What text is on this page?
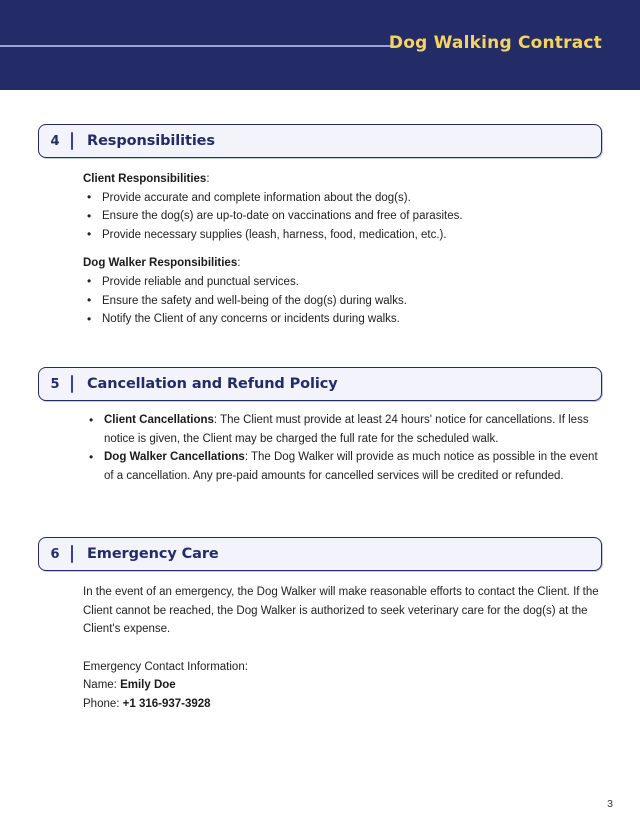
Dog Walking Contract
4	Responsibilities
Client Responsibilities:
• Provide accurate and complete information about the dog(s).
• Ensure the dog(s) are up-to-date on vaccinations and free of parasites.
• Provide necessary supplies (leash, harness, food, medication, etc.).
Dog Walker Responsibilities:
• Provide reliable and punctual services.
• Ensure the safety and well-being of the dog(s) during walks.
• Notify the Client of any concerns or incidents during walks.
5	Cancellation and Refund Policy
• Client Cancellations: The Client must provide at least 24 hours' notice for cancellations. If less notice is given, the Client may be charged the full rate for the scheduled walk.
• Dog Walker Cancellations: The Dog Walker will provide as much notice as possible in the event of a cancellation. Any pre-paid amounts for cancelled services will be credited or refunded.
6	Emergency Care

In the event of an emergency, the Dog Walker will make reasonable efforts to contact the Client. If the Client cannot be reached, the Dog Walker is authorized to seek veterinary care for the dog(s) at the Client's expense.

Emergency Contact Information:
Name: Emily Doe
Phone: +1 316-937-3928
3
